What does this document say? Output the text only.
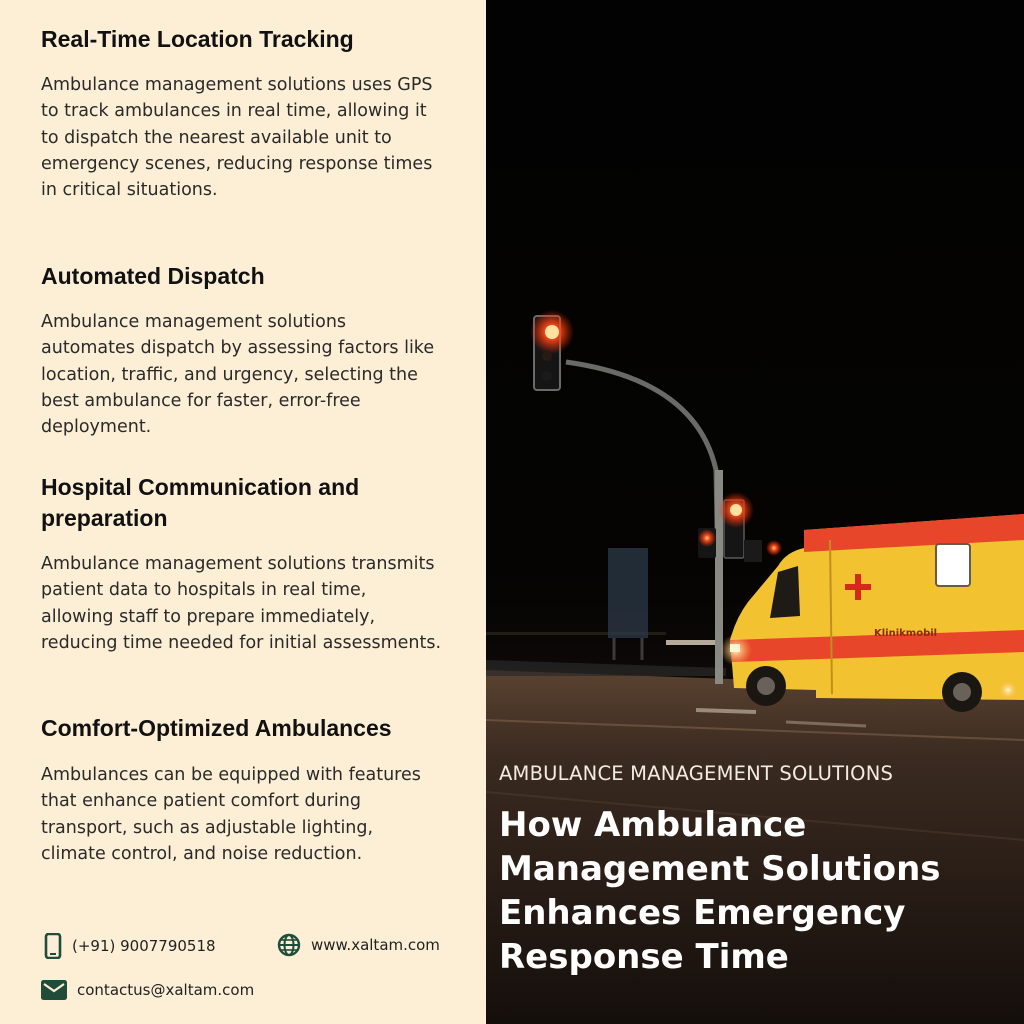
Real-Time Location Tracking
Ambulance management solutions uses GPS to track ambulances in real time, allowing it to dispatch the nearest available unit to emergency scenes, reducing response times in critical situations.
Automated Dispatch
Ambulance management solutions automates dispatch by assessing factors like location, traffic, and urgency, selecting the best ambulance for faster, error-free deployment.
Hospital Communication and preparation
Ambulance management solutions transmits patient data to hospitals in real time, allowing staff to prepare immediately, reducing time needed for initial assessments.
Comfort-Optimized Ambulances
Ambulances can be equipped with features that enhance patient comfort during transport, such as adjustable lighting, climate control, and noise reduction.
(+91) 9007790518	www.xaltam.com
contactus@xaltam.com
Klinikmobil
AMBULANCE MANAGEMENT SOLUTIONS
How Ambulance Management Solutions Enhances Emergency Response Time
